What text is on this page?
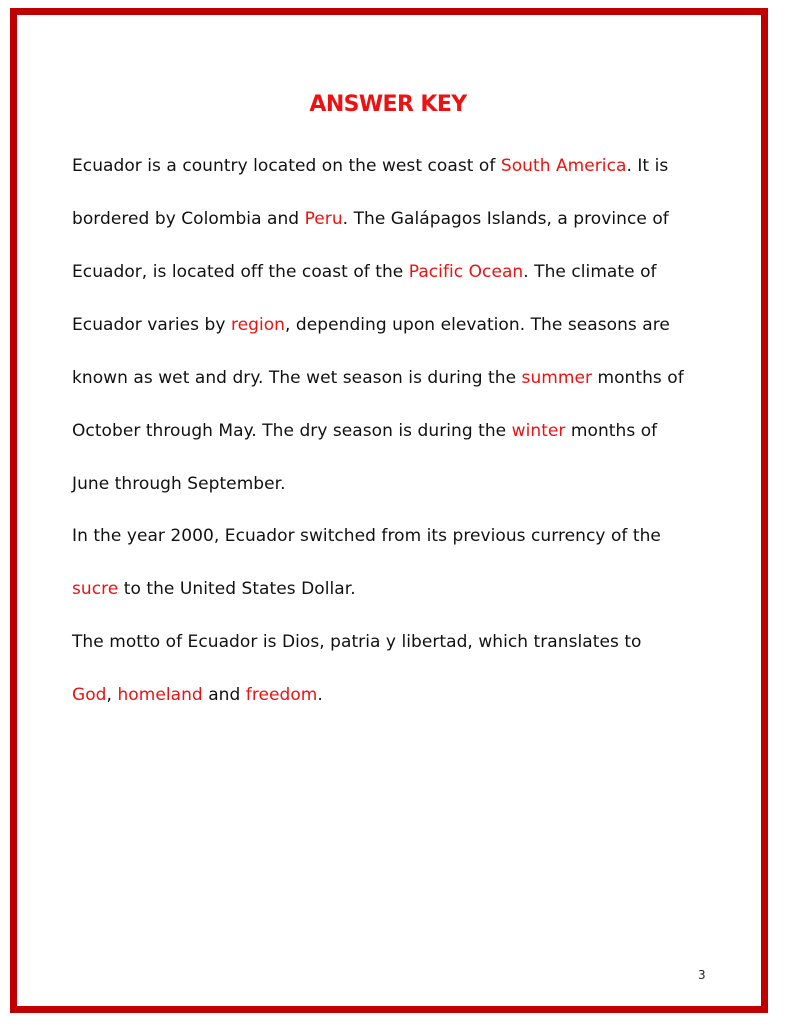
ANSWER KEY

Ecuador is a country located on the west coast of South America. It is

bordered by Colombia and Peru. The Galápagos Islands, a province of

Ecuador, is located off the coast of the Pacific Ocean. The climate of

Ecuador varies by region, depending upon elevation. The seasons are

known as wet and dry. The wet season is during the summer months of

October through May. The dry season is during the winter months of

June through September.

In the year 2000, Ecuador switched from its previous currency of the

sucre to the United States Dollar.

The motto of Ecuador is Dios, patria y libertad, which translates to

God, homeland and freedom.

3
